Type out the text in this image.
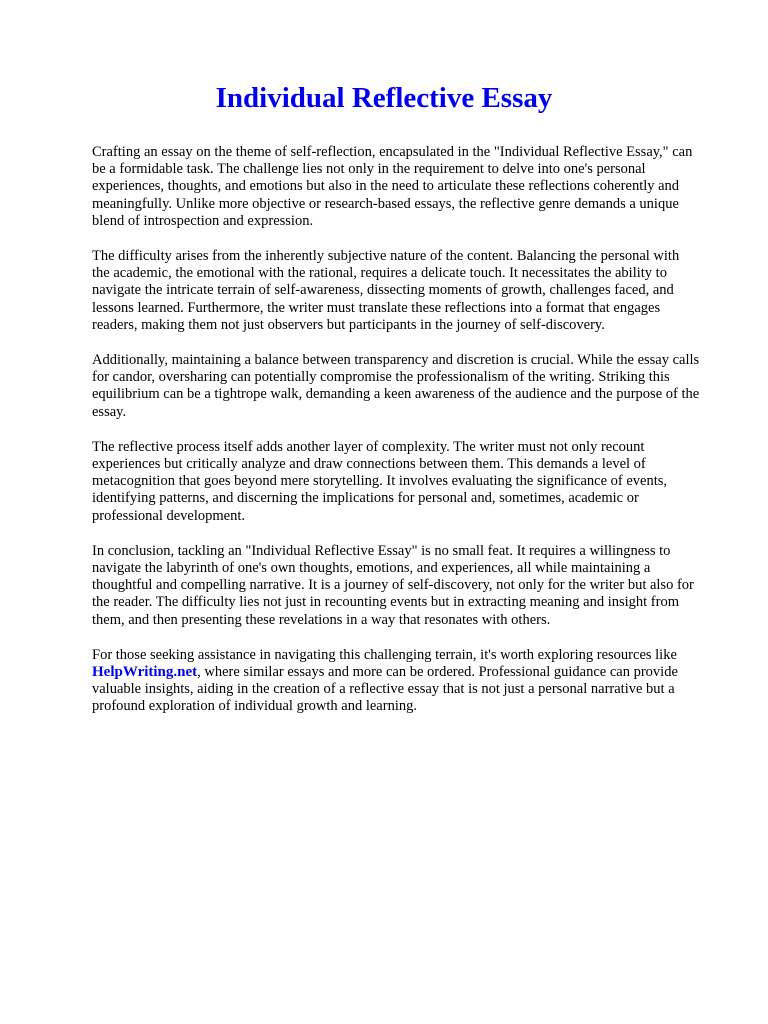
Individual Reflective Essay

Crafting an essay on the theme of self-reflection, encapsulated in the "Individual Reflective Essay," can be a formidable task. The challenge lies not only in the requirement to delve into one's personal experiences, thoughts, and emotions but also in the need to articulate these reflections coherently and meaningfully. Unlike more objective or research-based essays, the reflective genre demands a unique blend of introspection and expression.

The difficulty arises from the inherently subjective nature of the content. Balancing the personal with the academic, the emotional with the rational, requires a delicate touch. It necessitates the ability to navigate the intricate terrain of self-awareness, dissecting moments of growth, challenges faced, and lessons learned. Furthermore, the writer must translate these reflections into a format that engages readers, making them not just observers but participants in the journey of self-discovery.

Additionally, maintaining a balance between transparency and discretion is crucial. While the essay calls for candor, oversharing can potentially compromise the professionalism of the writing. Striking this equilibrium can be a tightrope walk, demanding a keen awareness of the audience and the purpose of the essay.

The reflective process itself adds another layer of complexity. The writer must not only recount experiences but critically analyze and draw connections between them. This demands a level of metacognition that goes beyond mere storytelling. It involves evaluating the significance of events, identifying patterns, and discerning the implications for personal and, sometimes, academic or professional development.

In conclusion, tackling an "Individual Reflective Essay" is no small feat. It requires a willingness to navigate the labyrinth of one's own thoughts, emotions, and experiences, all while maintaining a thoughtful and compelling narrative. It is a journey of self-discovery, not only for the writer but also for the reader. The difficulty lies not just in recounting events but in extracting meaning and insight from them, and then presenting these revelations in a way that resonates with others.

For those seeking assistance in navigating this challenging terrain, it's worth exploring resources like HelpWriting.net, where similar essays and more can be ordered. Professional guidance can provide valuable insights, aiding in the creation of a reflective essay that is not just a personal narrative but a profound exploration of individual growth and learning.
